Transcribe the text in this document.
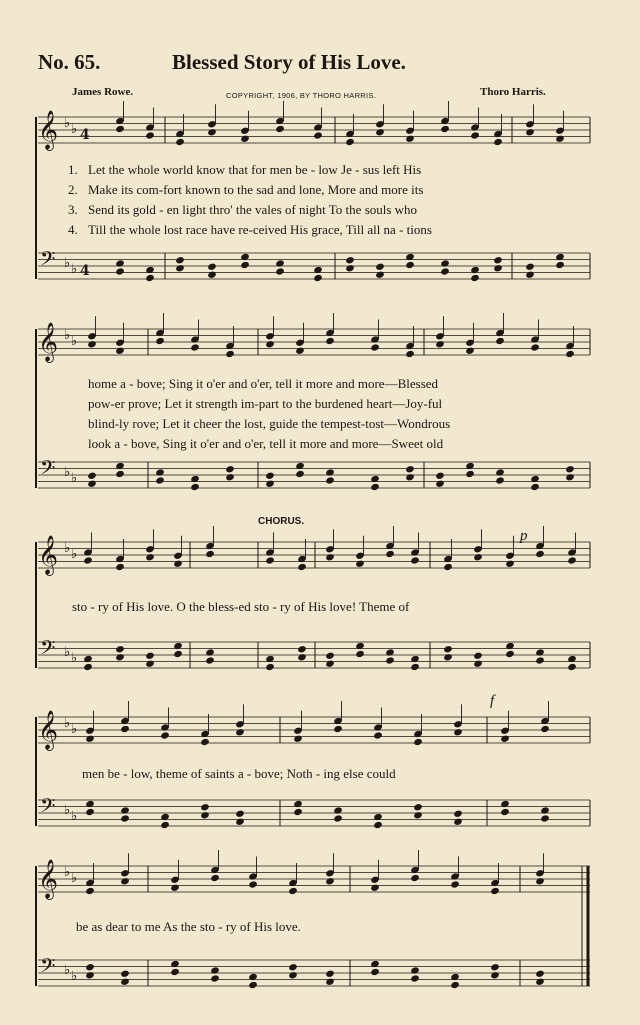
No. 65.	Blessed Story of His Love.
James Rowe.	COPYRIGHT, 1906, BY THORO HARRIS.	Thoro Harris.
𝄞
𝄢
♭ ♭
♭ ♭
4
4
𝄞
𝄢
♭ ♭
♭ ♭
𝄞
𝄢
♭ ♭
♭ ♭
𝄞
𝄢
♭ ♭
♭ ♭
𝄞
𝄢
♭ ♭
♭ ♭
1. Let the whole world know that for men be - low Je - sus left His
2. Make its com-fort known to the sad and lone, More and more its
3. Send its gold - en light thro' the vales of night To the souls who
4. Till the whole lost race have re-ceived His grace, Till all na - tions
home a - bove; Sing it o'er and o'er, tell it more and more—Blessed
pow-er prove; Let it strength im-part to the burdened heart—Joy-ful
blind-ly rove; Let it cheer the lost, guide the tempest-tost—Wondrous
look a - bove, Sing it o'er and o'er, tell it more and more—Sweet old
CHORUS.
p
f
sto - ry of His love. O the bless-ed sto - ry of His love! Theme of
men be - low, theme of saints a - bove; Noth - ing else could
be as dear to me As the sto - ry of His love.
